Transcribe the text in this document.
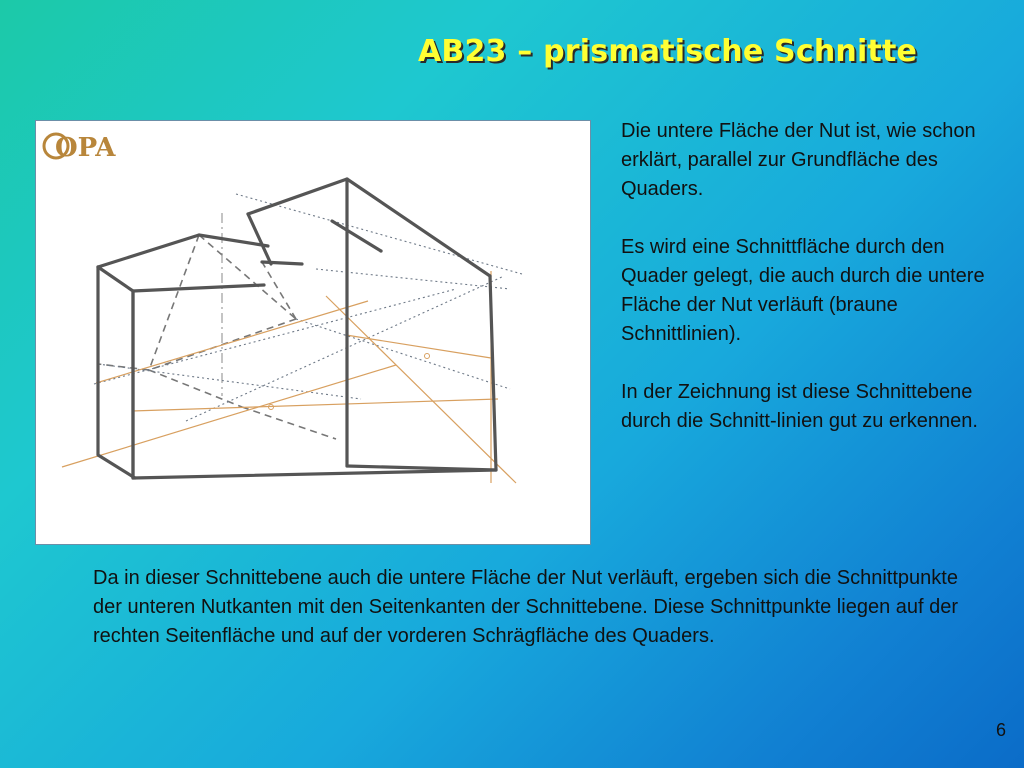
AB23 – prismatische Schnitte
OPA

Die untere Fläche der Nut ist, wie schon erklärt, parallel zur Grundfläche des Quaders.

Es wird eine Schnittfläche durch den Quader gelegt, die auch durch die untere Fläche der Nut verläuft (braune Schnittlinien).

In der Zeichnung ist diese Schnittebene durch die Schnitt-linien gut zu erkennen.

Da in dieser Schnittebene auch die untere Fläche der Nut verläuft, ergeben sich die Schnittpunkte der unteren Nutkanten mit den Seitenkanten der Schnittebene. Diese Schnittpunkte liegen auf der rechten Seitenfläche und auf der vorderen Schrägfläche des Quaders.

6
